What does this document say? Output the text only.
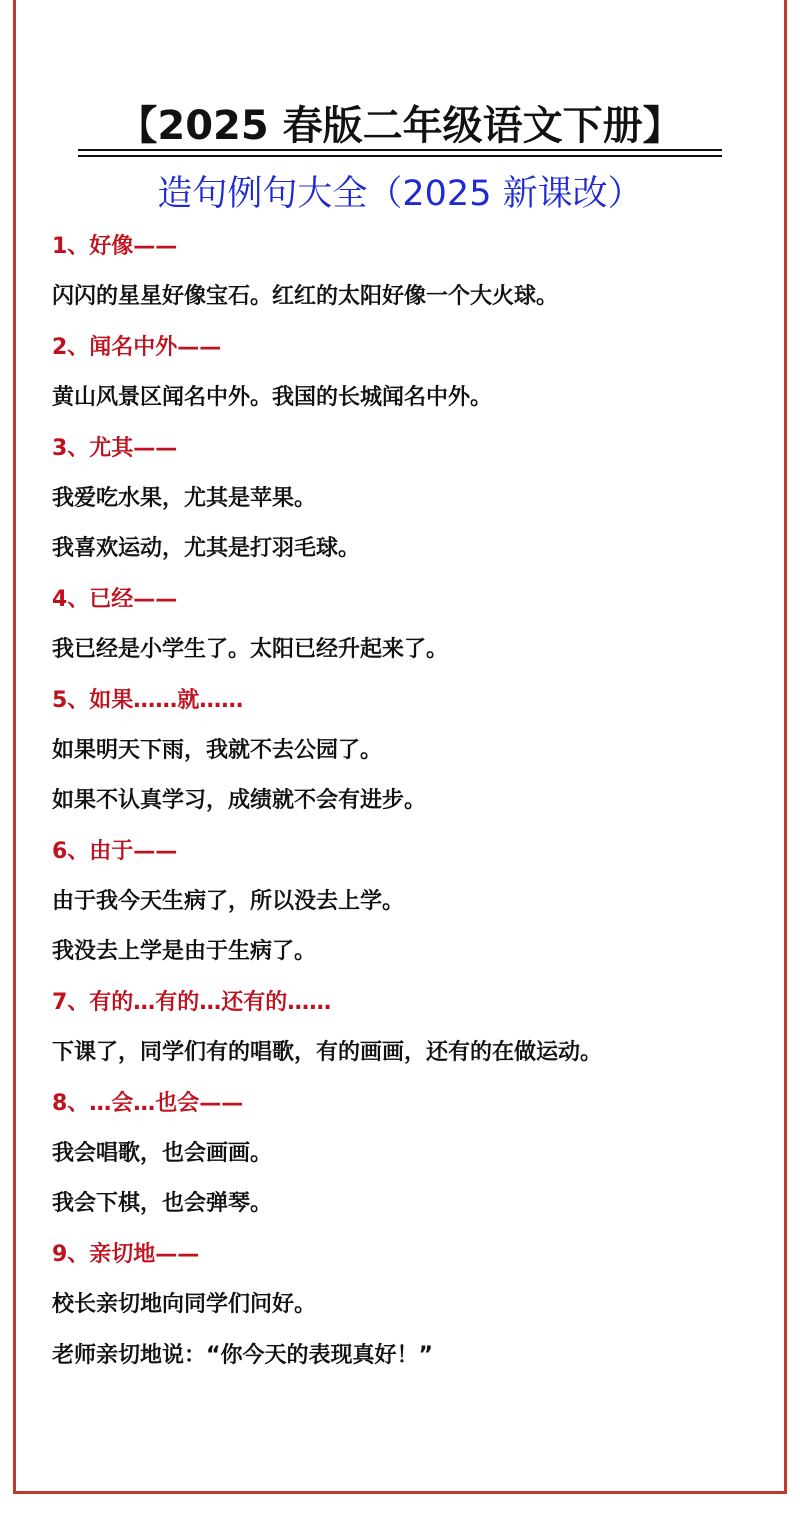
【2025 春版二年级语文下册】
造句例句大全（2025 新课改）
1、好像——
闪闪的星星好像宝石。红红的太阳好像一个大火球。
2、闻名中外——
黄山风景区闻名中外。我国的长城闻名中外。
3、尤其——
我爱吃水果，尤其是苹果。
我喜欢运动，尤其是打羽毛球。
4、已经——
我已经是小学生了。太阳已经升起来了。
5、如果……就……
如果明天下雨，我就不去公园了。
如果不认真学习，成绩就不会有进步。
6、由于——
由于我今天生病了，所以没去上学。
我没去上学是由于生病了。
7、有的…有的…还有的……
下课了，同学们有的唱歌，有的画画，还有的在做运动。
8、…会…也会——
我会唱歌，也会画画。
我会下棋，也会弹琴。
9、亲切地——
校长亲切地向同学们问好。
老师亲切地说：“你今天的表现真好！”
